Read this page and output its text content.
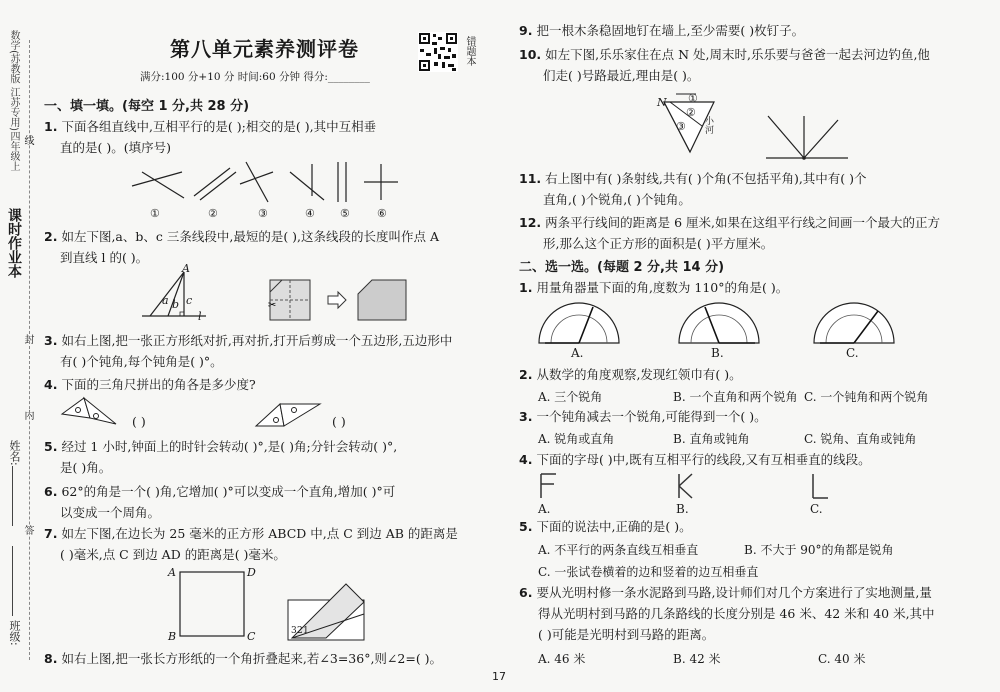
数学(苏教版 江苏专用)四年级上
课时作业本
线
封
内
答
姓名:
班级:
第八单元素养测评卷
满分:100 分+10 分 时间:60 分钟 得分:________
错题本
一、填一填。(每空 1 分,共 28 分)
1. 下面各组直线中,互相平行的是( );相交的是( ),其中互相垂
直的是( )。(填序号)
①	②	③	④ ⑤ ⑥
2. 如左下图,a、b、c 三条线段中,最短的是( ),这条线段的长度叫作点 A
到直线 l 的( )。
A
a b c
l
✂
3. 如右上图,把一张正方形纸对折,再对折,打开后剪成一个五边形,五边形中
有( )个钝角,每个钝角是( )°。
4. 下面的三角尺拼出的角各是多少度?
( )	( )
5. 经过 1 小时,钟面上的时针会转动( )°,是( )角;分针会转动( )°,
是( )角。
6. 62°的角是一个( )角,它增加( )°可以变成一个直角,增加( )°可
以变成一个周角。
7. 如左下图,在边长为 25 毫米的正方形 ABCD 中,点 C 到边 AB 的距离是
( )毫米,点 C 到边 AD 的距离是( )毫米。
A	D
B	C	3 2 1
8. 如右上图,把一张长方形纸的一个角折叠起来,若∠3=36°,则∠2=( )。
17
9. 把一根木条稳固地钉在墙上,至少需要( )枚钉子。
10. 如左下图,乐乐家住在点 N 处,周末时,乐乐要与爸爸一起去河边钓鱼,他
们走( )号路最近,理由是( )。
N ①
②
③ 小河
11. 右上图中有( )条射线,共有( )个角(不包括平角),其中有( )个
直角,( )个锐角,( )个钝角。
12. 两条平行线间的距离是 6 厘米,如果在这组平行线之间画一个最大的正方
形,那么这个正方形的面积是( )平方厘米。
二、选一选。(每题 2 分,共 14 分)
1. 用量角器量下面的角,度数为 110°的角是( )。
A.	B.	C.
2. 从数学的角度观察,发现红领巾有( )。
A. 三个锐角	B. 一个直角和两个锐角 C. 一个钝角和两个锐角
3. 一个钝角减去一个锐角,可能得到一个( )。
A. 锐角或直角	B. 直角或钝角	C. 锐角、直角或钝角
4. 下面的字母( )中,既有互相平行的线段,又有互相垂直的线段。
A.	B.	C.
5. 下面的说法中,正确的是( )。
A. 不平行的两条直线互相垂直	B. 不大于 90°的角都是锐角
C. 一张试卷横着的边和竖着的边互相垂直
6. 要从光明村修一条水泥路到马路,设计师们对几个方案进行了实地测量,量
得从光明村到马路的几条路线的长度分别是 46 米、42 米和 40 米,其中
( )可能是光明村到马路的距离。
A. 46 米	B. 42 米	C. 40 米
